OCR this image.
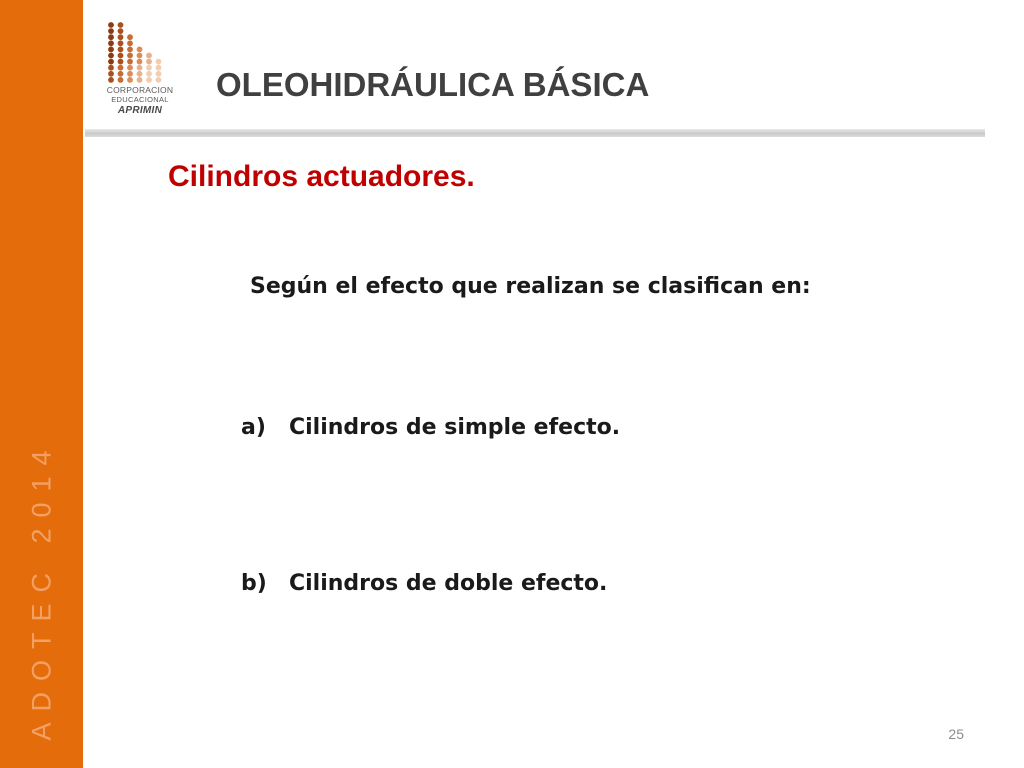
ADOTEC 2014
CORPORACION
EDUCACIONAL
APRIMIN
OLEOHIDRÁULICA BÁSICA
Cilindros actuadores.

Según el efecto que realizan se clasifican en:

a) Cilindros de simple efecto.

b) Cilindros de doble efecto.

25
